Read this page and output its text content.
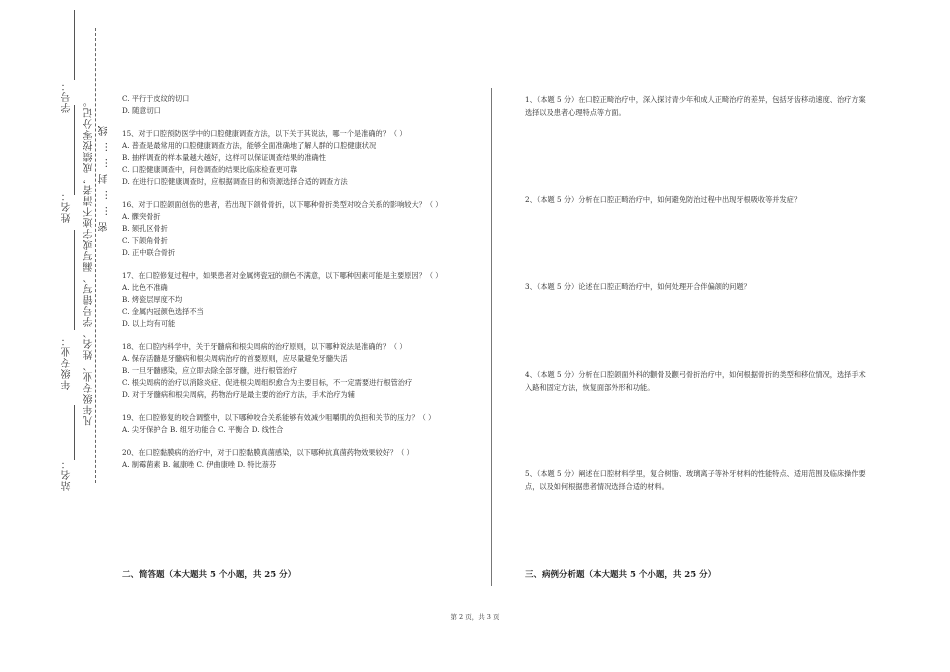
学号：
姓名：
年级专业：
站名：
凡年级专业、姓名、学号错写、漏写或字迹不清者，成绩按零分记。 密……封……线

C. 平行于皮纹的切口

D. 随意切口

15、对于口腔预防医学中的口腔健康调查方法，以下关于其说法，哪一个是准确的？（ ）

A. 普查是最常用的口腔健康调查方法，能够全面准确地了解人群的口腔健康状况

B. 抽样调查的样本量越大越好，这样可以保证调查结果的准确性

C. 口腔健康调查中，问卷调查的结果比临床检查更可靠

D. 在进行口腔健康调查时，应根据调查目的和资源选择合适的调查方法

16、对于口腔颌面创伤的患者，若出现下颌骨骨折，以下哪种骨折类型对咬合关系的影响较大？（ ）

A. 髁突骨折

B. 颏孔区骨折

C. 下颌角骨折

D. 正中联合骨折

17、在口腔修复过程中，如果患者对金属烤瓷冠的颜色不满意，以下哪种因素可能是主要原因？（ ）

A. 比色不准确

B. 烤瓷层厚度不均

C. 金属内冠颜色选择不当

D. 以上均有可能

18、在口腔内科学中，关于牙髓病和根尖周病的治疗原则，以下哪种说法是准确的？（ ）

A. 保存活髓是牙髓病和根尖周病治疗的首要原则，应尽量避免牙髓失活

B. 一旦牙髓感染，应立即去除全部牙髓，进行根管治疗

C. 根尖周病的治疗以消除炎症、促进根尖周组织愈合为主要目标，不一定需要进行根管治疗

D. 对于牙髓病和根尖周病，药物治疗是最主要的治疗方法，手术治疗为辅

19、在口腔修复的咬合调整中，以下哪种咬合关系能够有效减少咀嚼肌的负担和关节的压力？（ ）

A. 尖牙保护合 B. 组牙功能合 C. 平衡合 D. 线性合

20、在口腔黏膜病的治疗中，对于口腔黏膜真菌感染，以下哪种抗真菌药物效果较好？（ ）

A. 制霉菌素 B. 氟康唑 C. 伊曲康唑 D. 特比萘芬

二、简答题（本大题共 5 个小题，共 25 分）
1、（本题 5 分）在口腔正畸治疗中，深入探讨青少年和成人正畸治疗的差异，包括牙齿移动速度、治疗方案选择以及患者心理特点等方面。
2、（本题 5 分）分析在口腔正畸治疗中，如何避免防治过程中出现牙根吸收等并发症？
3、（本题 5 分）论述在口腔正畸治疗中，如何处理开合伴偏颌的问题？
4、（本题 5 分）分析在口腔颌面外科的颧骨及颧弓骨折治疗中，如何根据骨折的类型和移位情况，选择手术入路和固定方法，恢复面部外形和功能。
5、（本题 5 分）阐述在口腔材料学里，复合树脂、玻璃离子等补牙材料的性能特点、适用范围及临床操作要点，以及如何根据患者情况选择合适的材料。
三、病例分析题（本大题共 5 个小题，共 25 分）
第 2 页，共 3 页
